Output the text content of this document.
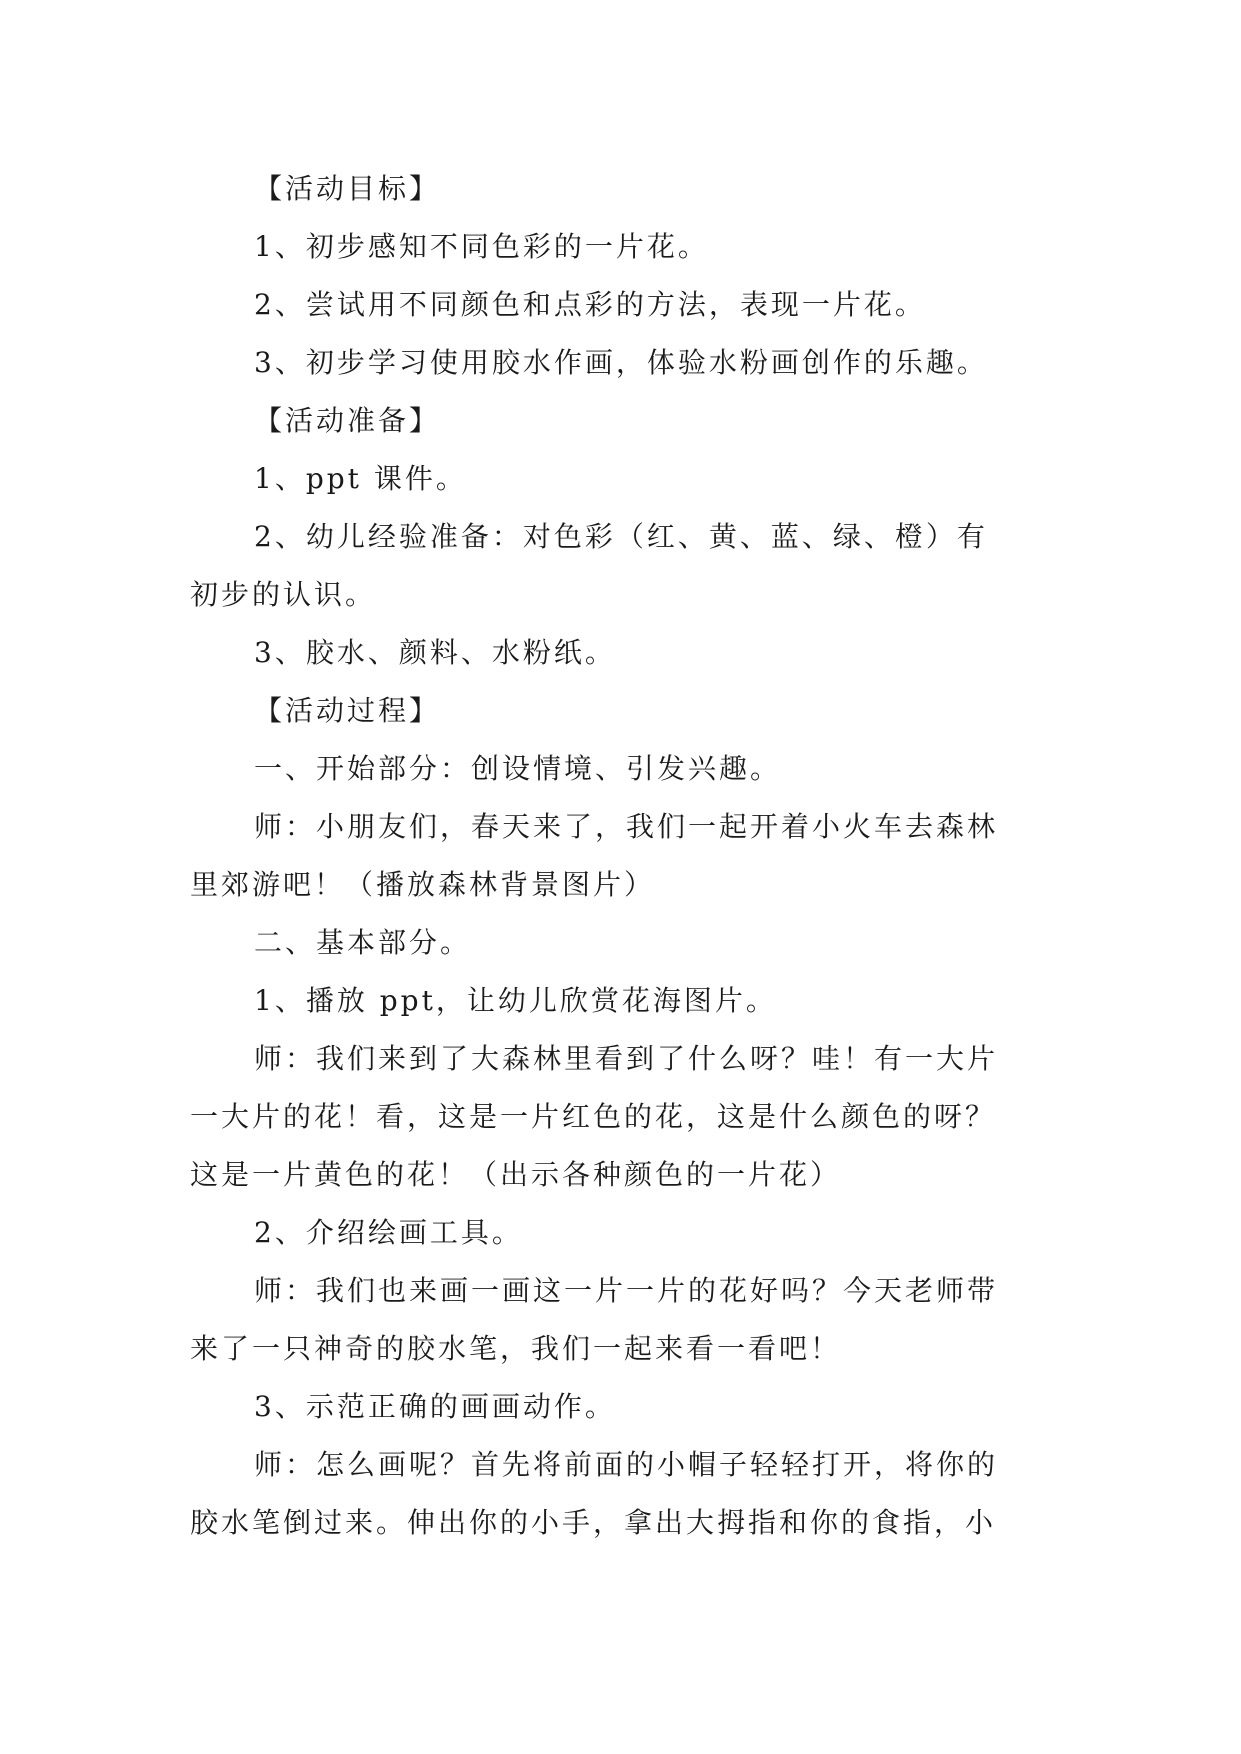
【活动目标】
1、初步感知不同色彩的一片花。
2、尝试用不同颜色和点彩的方法，表现一片花。
3、初步学习使用胶水作画，体验水粉画创作的乐趣。
【活动准备】
1、ppt 课件。
2、幼儿经验准备：对色彩（红、黄、蓝、绿、橙）有
初步的认识。
3、胶水、颜料、水粉纸。
【活动过程】
一、开始部分：创设情境、引发兴趣。
师：小朋友们，春天来了，我们一起开着小火车去森林
里郊游吧！（播放森林背景图片）
二、基本部分。
1、播放 ppt，让幼儿欣赏花海图片。
师：我们来到了大森林里看到了什么呀？哇！有一大片
一大片的花！看，这是一片红色的花，这是什么颜色的呀？
这是一片黄色的花！（出示各种颜色的一片花）
2、介绍绘画工具。
师：我们也来画一画这一片一片的花好吗？今天老师带
来了一只神奇的胶水笔，我们一起来看一看吧！
3、示范正确的画画动作。
师：怎么画呢？首先将前面的小帽子轻轻打开，将你的
胶水笔倒过来。伸出你的小手，拿出大拇指和你的食指，小
